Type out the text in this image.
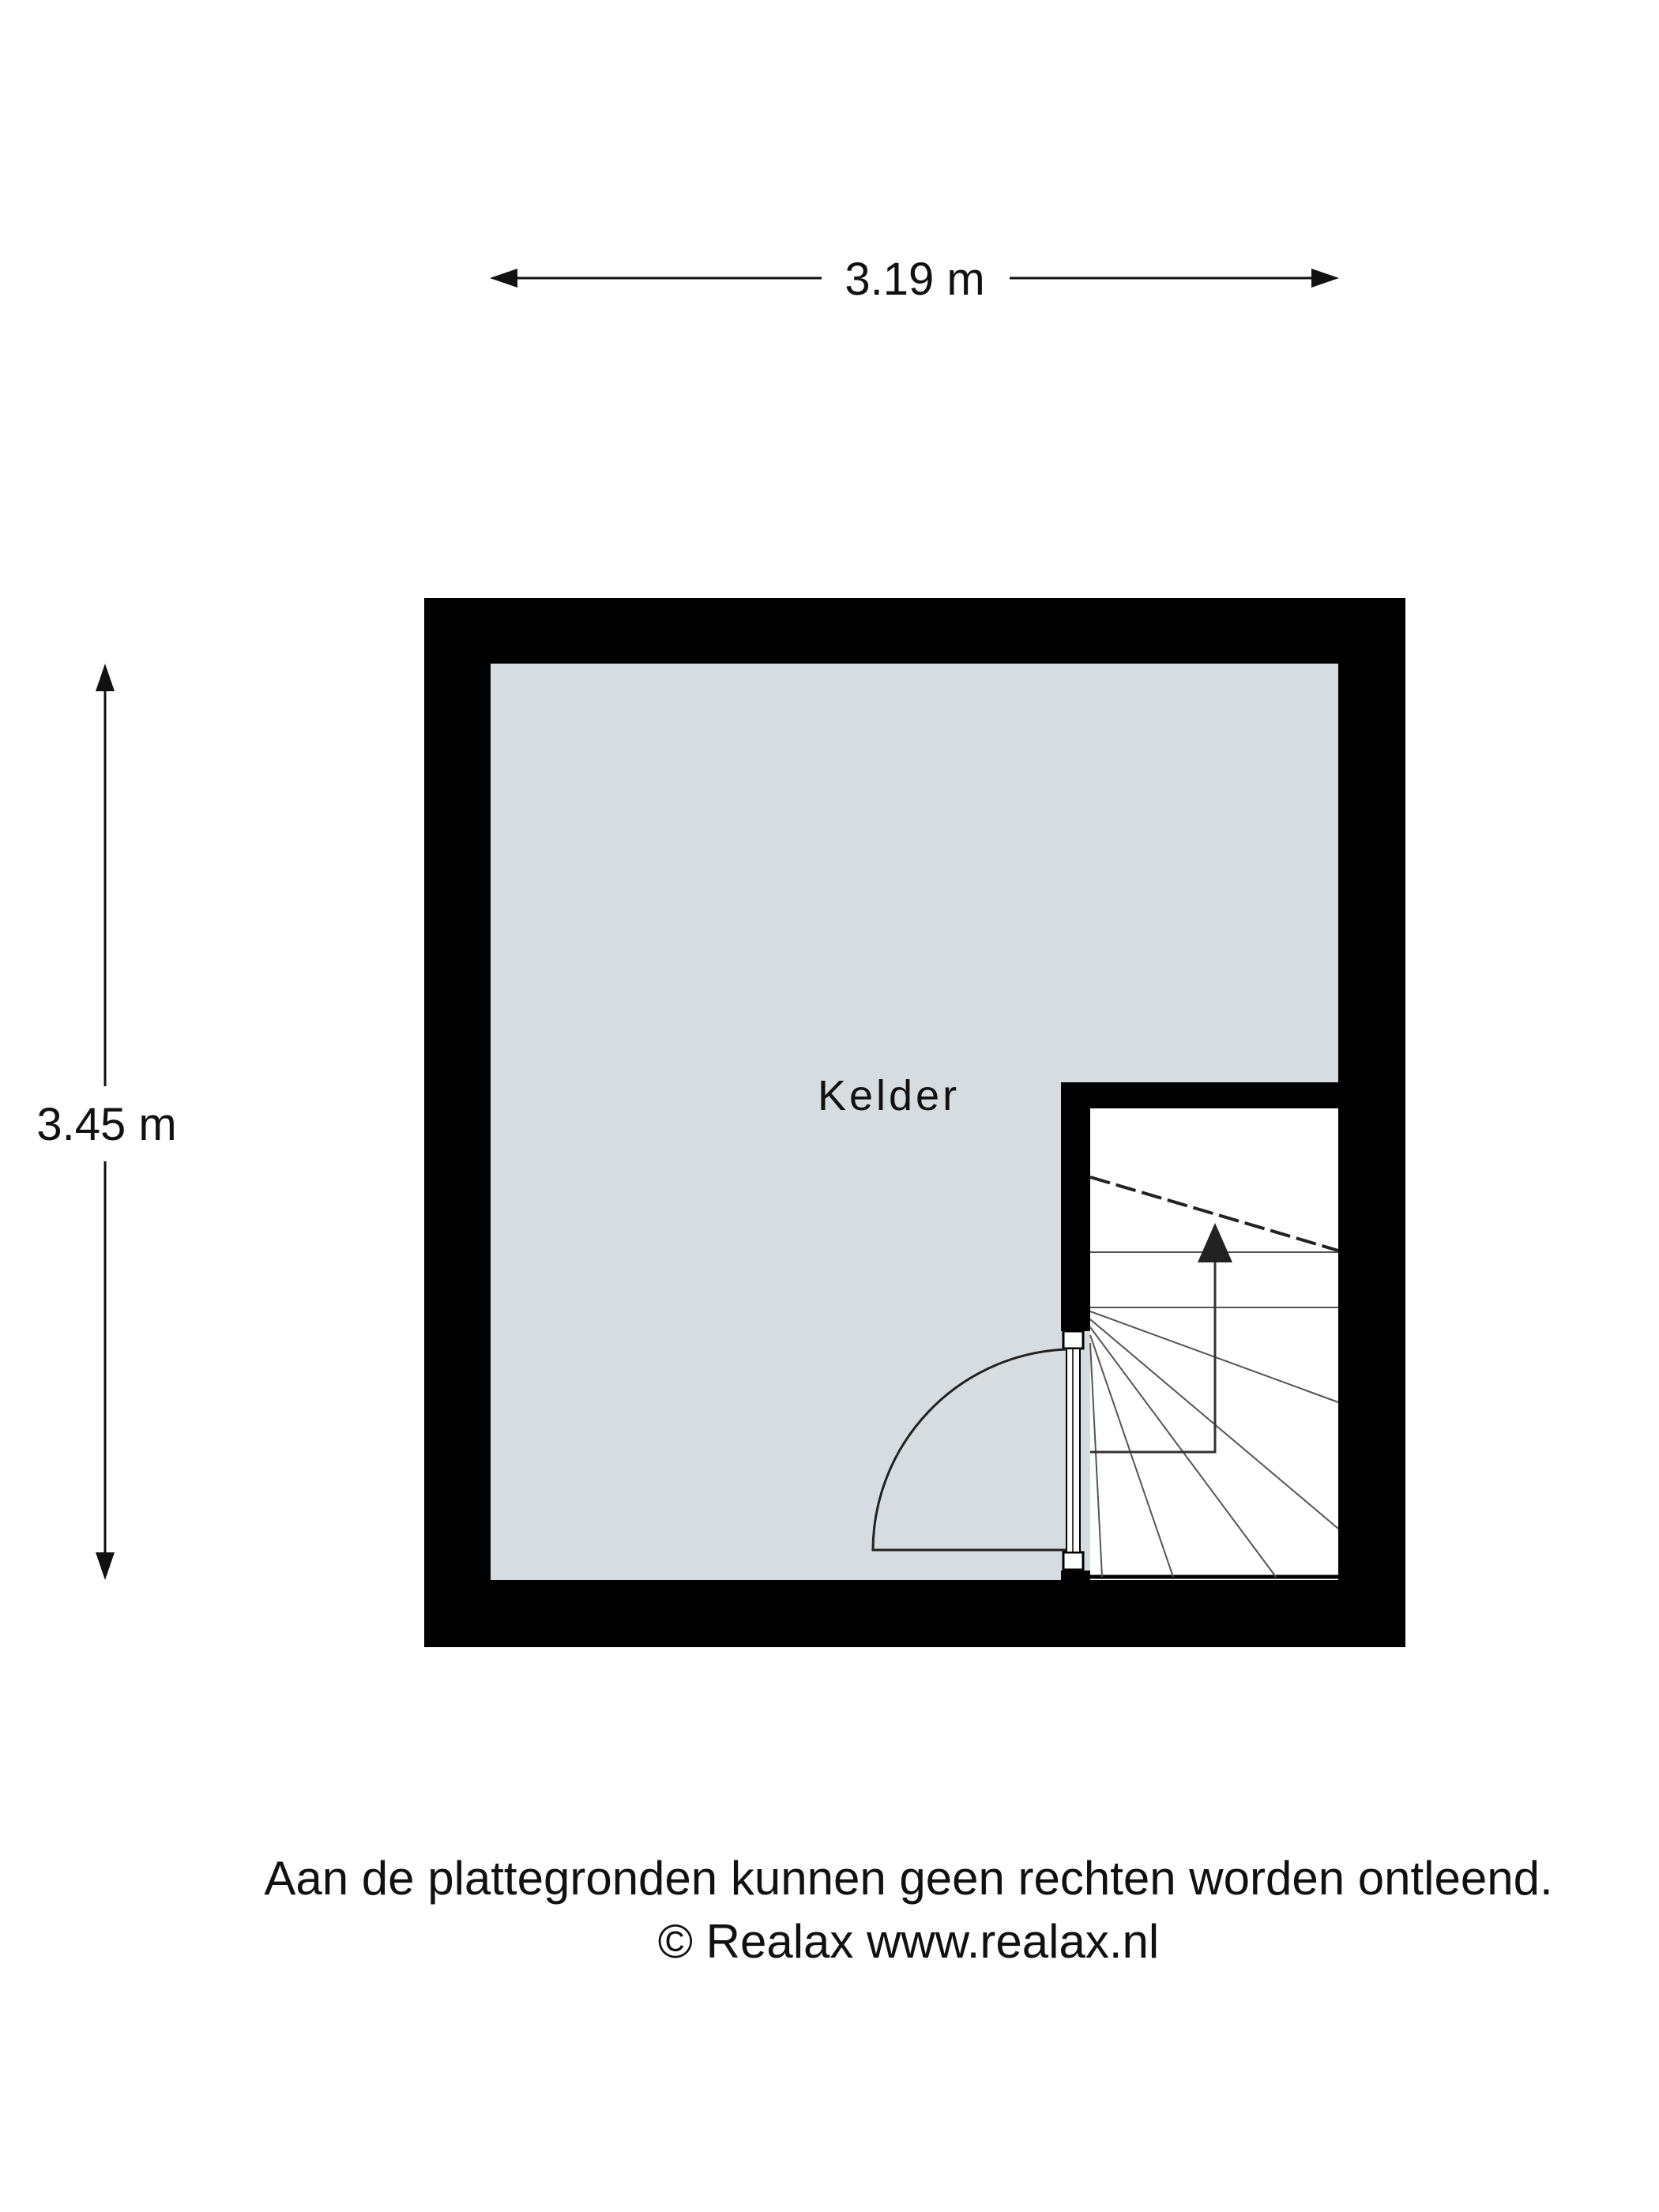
3.19 m
3.45 m
Kelder
Aan de plattegronden kunnen geen rechten worden ontleend.
© Realax www.realax.nl
